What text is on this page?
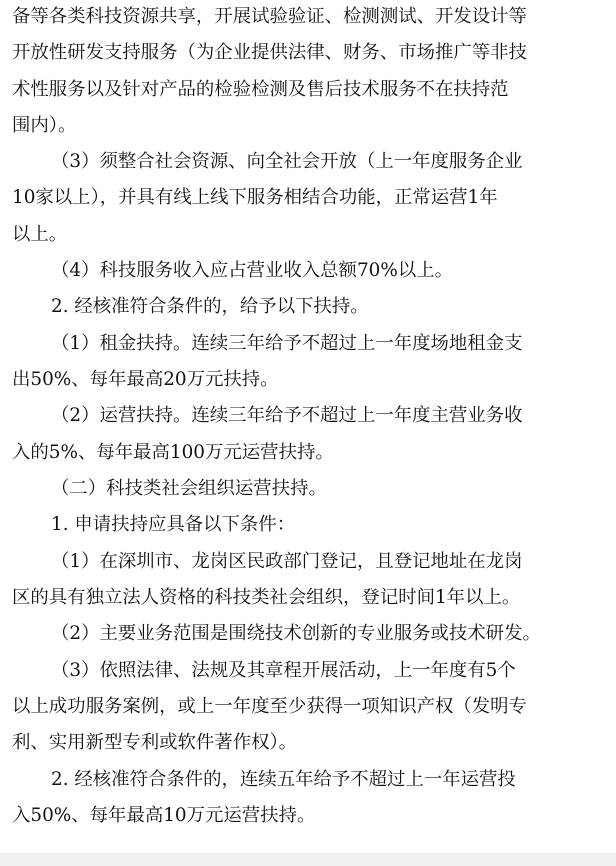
备等各类科技资源共享，开展试验验证、检测测试、开发设计等
开放性研发支持服务（为企业提供法律、财务、市场推广等非技
术性服务以及针对产品的检验检测及售后技术服务不在扶持范
围内）。
（3）须整合社会资源、向全社会开放（上一年度服务企业
10家以上），并具有线上线下服务相结合功能，正常运营1年
以上。
（4）科技服务收入应占营业收入总额70%以上。
2. 经核准符合条件的，给予以下扶持。
（1）租金扶持。连续三年给予不超过上一年度场地租金支
出50%、每年最高20万元扶持。
（2）运营扶持。连续三年给予不超过上一年度主营业务收
入的5%、每年最高100万元运营扶持。
（二）科技类社会组织运营扶持。
1. 申请扶持应具备以下条件：
（1）在深圳市、龙岗区民政部门登记，且登记地址在龙岗
区的具有独立法人资格的科技类社会组织，登记时间1年以上。
（2）主要业务范围是围绕技术创新的专业服务或技术研发。
（3）依照法律、法规及其章程开展活动，上一年度有5个
以上成功服务案例，或上一年度至少获得一项知识产权（发明专
利、实用新型专利或软件著作权）。
2. 经核准符合条件的，连续五年给予不超过上一年运营投
入50%、每年最高10万元运营扶持。
